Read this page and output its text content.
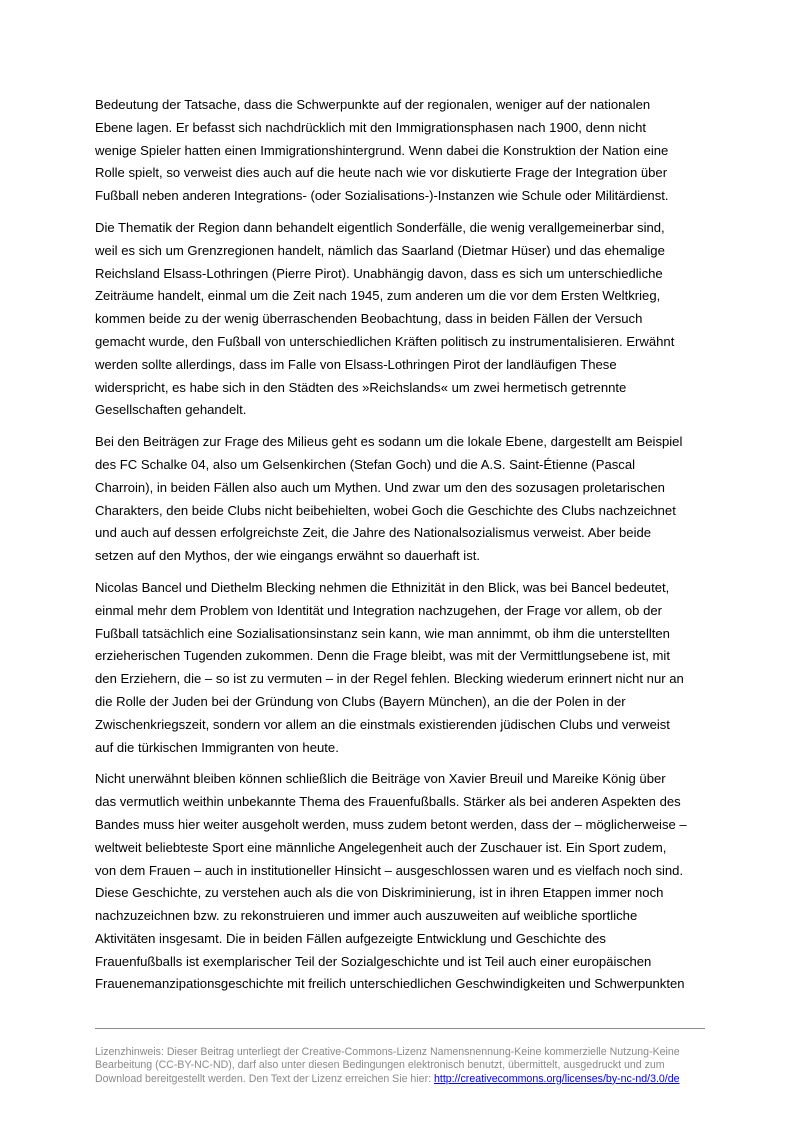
Bedeutung der Tatsache, dass die Schwerpunkte auf der regionalen, weniger auf der nationalen
Ebene lagen. Er befasst sich nachdrücklich mit den Immigrationsphasen nach 1900, denn nicht
wenige Spieler hatten einen Immigrationshintergrund. Wenn dabei die Konstruktion der Nation eine
Rolle spielt, so verweist dies auch auf die heute nach wie vor diskutierte Frage der Integration über
Fußball neben anderen Integrations- (oder Sozialisations-)-Instanzen wie Schule oder Militärdienst.

Die Thematik der Region dann behandelt eigentlich Sonderfälle, die wenig verallgemeinerbar sind,
weil es sich um Grenzregionen handelt, nämlich das Saarland (Dietmar Hüser) und das ehemalige
Reichsland Elsass-Lothringen (Pierre Pirot). Unabhängig davon, dass es sich um unterschiedliche
Zeiträume handelt, einmal um die Zeit nach 1945, zum anderen um die vor dem Ersten Weltkrieg,
kommen beide zu der wenig überraschenden Beobachtung, dass in beiden Fällen der Versuch
gemacht wurde, den Fußball von unterschiedlichen Kräften politisch zu instrumentalisieren. Erwähnt
werden sollte allerdings, dass im Falle von Elsass-Lothringen Pirot der landläufigen These
widerspricht, es habe sich in den Städten des »Reichslands« um zwei hermetisch getrennte
Gesellschaften gehandelt.

Bei den Beiträgen zur Frage des Milieus geht es sodann um die lokale Ebene, dargestellt am Beispiel
des FC Schalke 04, also um Gelsenkirchen (Stefan Goch) und die A.S. Saint-Étienne (Pascal
Charroin), in beiden Fällen also auch um Mythen. Und zwar um den des sozusagen proletarischen
Charakters, den beide Clubs nicht beibehielten, wobei Goch die Geschichte des Clubs nachzeichnet
und auch auf dessen erfolgreichste Zeit, die Jahre des Nationalsozialismus verweist. Aber beide
setzen auf den Mythos, der wie eingangs erwähnt so dauerhaft ist.

Nicolas Bancel und Diethelm Blecking nehmen die Ethnizität in den Blick, was bei Bancel bedeutet,
einmal mehr dem Problem von Identität und Integration nachzugehen, der Frage vor allem, ob der
Fußball tatsächlich eine Sozialisationsinstanz sein kann, wie man annimmt, ob ihm die unterstellten
erzieherischen Tugenden zukommen. Denn die Frage bleibt, was mit der Vermittlungsebene ist, mit
den Erziehern, die – so ist zu vermuten – in der Regel fehlen. Blecking wiederum erinnert nicht nur an
die Rolle der Juden bei der Gründung von Clubs (Bayern München), an die der Polen in der
Zwischenkriegszeit, sondern vor allem an die einstmals existierenden jüdischen Clubs und verweist
auf die türkischen Immigranten von heute.

Nicht unerwähnt bleiben können schließlich die Beiträge von Xavier Breuil und Mareike König über
das vermutlich weithin unbekannte Thema des Frauenfußballs. Stärker als bei anderen Aspekten des
Bandes muss hier weiter ausgeholt werden, muss zudem betont werden, dass der – möglicherweise –
weltweit beliebteste Sport eine männliche Angelegenheit auch der Zuschauer ist. Ein Sport zudem,
von dem Frauen – auch in institutioneller Hinsicht – ausgeschlossen waren und es vielfach noch sind.
Diese Geschichte, zu verstehen auch als die von Diskriminierung, ist in ihren Etappen immer noch
nachzuzeichnen bzw. zu rekonstruieren und immer auch auszuweiten auf weibliche sportliche
Aktivitäten insgesamt. Die in beiden Fällen aufgezeigte Entwicklung und Geschichte des
Frauenfußballs ist exemplarischer Teil der Sozialgeschichte und ist Teil auch einer europäischen
Frauenemanzipationsgeschichte mit freilich unterschiedlichen Geschwindigkeiten und Schwerpunkten

Lizenzhinweis: Dieser Beitrag unterliegt der Creative-Commons-Lizenz Namensnennung-Keine kommerzielle Nutzung-Keine
Bearbeitung (CC-BY-NC-ND), darf also unter diesen Bedingungen elektronisch benutzt, übermittelt, ausgedruckt und zum
Download bereitgestellt werden. Den Text der Lizenz erreichen Sie hier: http://creativecommons.org/licenses/by-nc-nd/3.0/de
